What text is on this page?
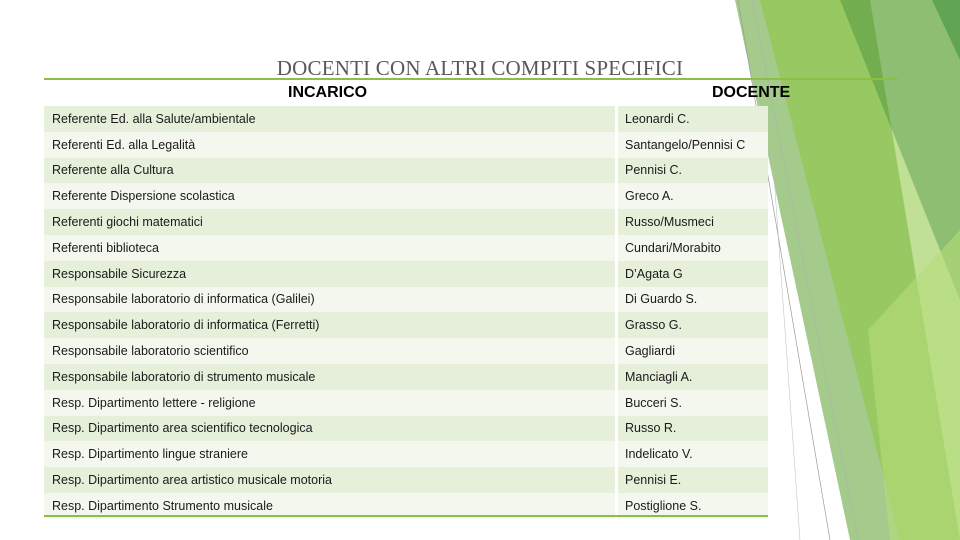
DOCENTI CON ALTRI COMPITI SPECIFICI
INCARICO	DOCENTE
Referente Ed. alla Salute/ambientale	Leonardi C.
Referenti Ed. alla Legalità	Santangelo/Pennisi C
Referente alla Cultura	Pennisi C.
Referente Dispersione scolastica	Greco A.
Referenti giochi matematici	Russo/Musmeci
Referenti biblioteca	Cundari/Morabito
Responsabile Sicurezza	D’Agata G
Responsabile laboratorio di informatica (Galilei)	Di Guardo S.
Responsabile laboratorio di informatica (Ferretti)	Grasso G.
Responsabile laboratorio scientifico	Gagliardi
Responsabile laboratorio di strumento musicale	Manciagli A.
Resp. Dipartimento lettere - religione	Bucceri S.
Resp. Dipartimento area scientifico tecnologica	Russo R.
Resp. Dipartimento lingue straniere	Indelicato V.
Resp. Dipartimento area artistico musicale motoria	Pennisi E.
Resp. Dipartimento Strumento musicale	Postiglione S.
